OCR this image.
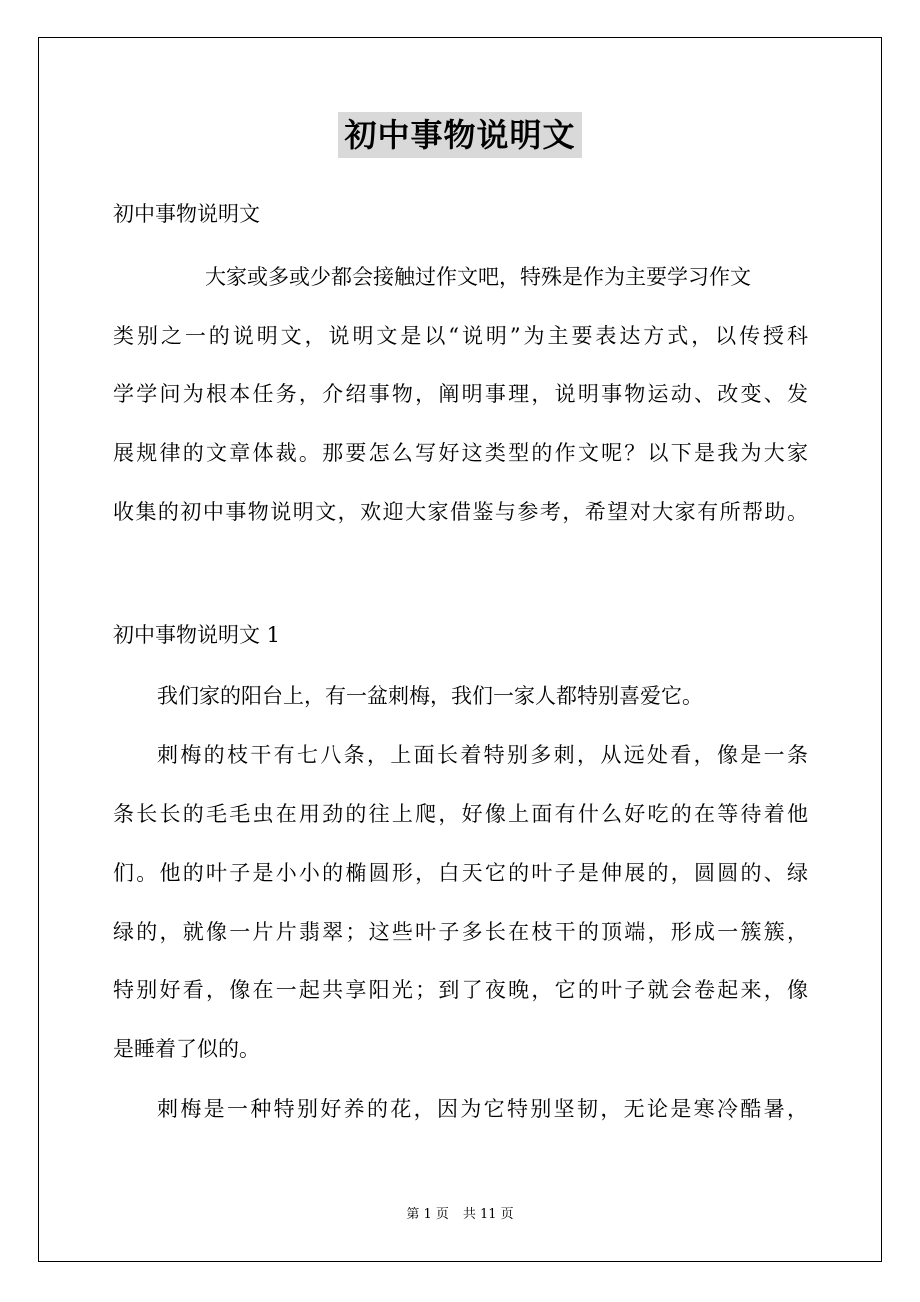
初中事物说明文
初中事物说明文
大家或多或少都会接触过作文吧，特殊是作为主要学习作文
类别之一的说明文，说明文是以“说明”为主要表达方式，以传授科
学学问为根本任务，介绍事物，阐明事理，说明事物运动、改变、发
展规律的文章体裁。那要怎么写好这类型的作文呢？以下是我为大家
收集的初中事物说明文，欢迎大家借鉴与参考，希望对大家有所帮助。
初中事物说明文 1
我们家的阳台上，有一盆刺梅，我们一家人都特别喜爱它。
刺梅的枝干有七八条，上面长着特别多刺，从远处看，像是一条
条长长的毛毛虫在用劲的往上爬，好像上面有什么好吃的在等待着他
们。他的叶子是小小的椭圆形，白天它的叶子是伸展的，圆圆的、绿
绿的，就像一片片翡翠；这些叶子多长在枝干的顶端，形成一簇簇，
特别好看，像在一起共享阳光；到了夜晚，它的叶子就会卷起来，像
是睡着了似的。
刺梅是一种特别好养的花，因为它特别坚韧，无论是寒冷酷暑，
第 1 页 共 11 页
